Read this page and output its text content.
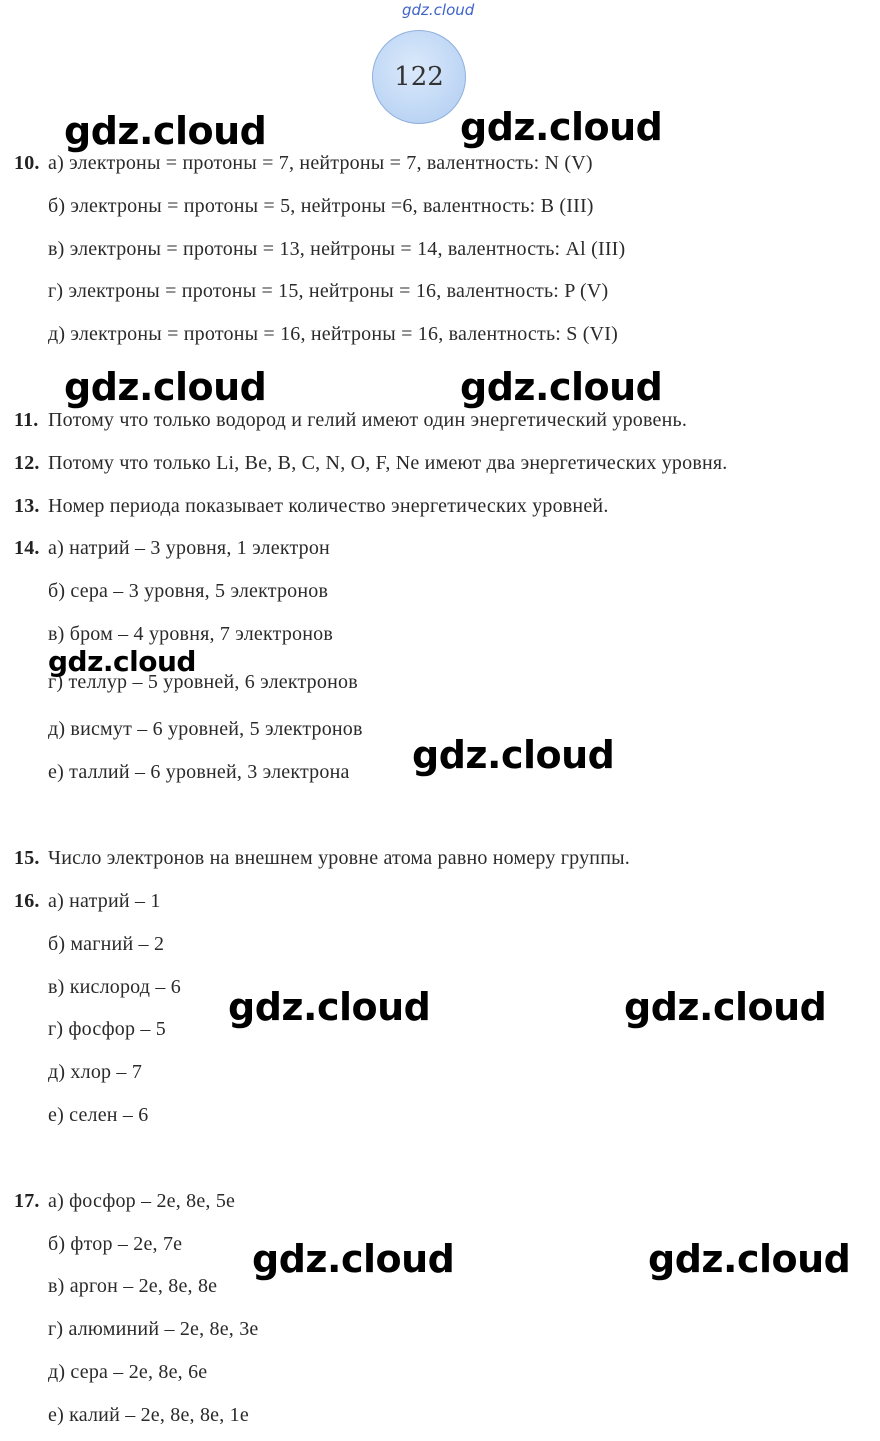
gdz.cloud
122
10. а) электроны = протоны = 7, нейтроны = 7, валентность: N (V)
б) электроны = протоны = 5, нейтроны =6, валентность: B (III)
в) электроны = протоны = 13, нейтроны = 14, валентность: Al (III)
г) электроны = протоны = 15, нейтроны = 16, валентность: P (V)
д) электроны = протоны = 16, нейтроны = 16, валентность: S (VI)
11. Потому что только водород и гелий имеют один энергетический уровень.
12. Потому что только Li, Be, B, C, N, O, F, Ne имеют два энергетических уровня.
13. Номер периода показывает количество энергетических уровней.
14. а) натрий – 3 уровня, 1 электрон
б) сера – 3 уровня, 5 электронов
в) бром – 4 уровня, 7 электронов
г) теллур – 5 уровней, 6 электронов
д) висмут – 6 уровней, 5 электронов
е) таллий – 6 уровней, 3 электрона
15. Число электронов на внешнем уровне атома равно номеру группы.
16. а) натрий – 1
б) магний – 2
в) кислород – 6
г) фосфор – 5
д) хлор – 7
е) селен – 6
17. а) фосфор – 2е, 8е, 5е
б) фтор – 2е, 7е
в) аргон – 2е, 8е, 8е
г) алюминий – 2е, 8е, 3е
д) сера – 2е, 8е, 6е
е) калий – 2е, 8е, 8е, 1е
gdz.cloud	gdz.cloud
gdz.cloud	gdz.cloud
gdz.cloud
gdz.cloud
gdz.cloud	gdz.cloud
gdz.cloud	gdz.cloud
